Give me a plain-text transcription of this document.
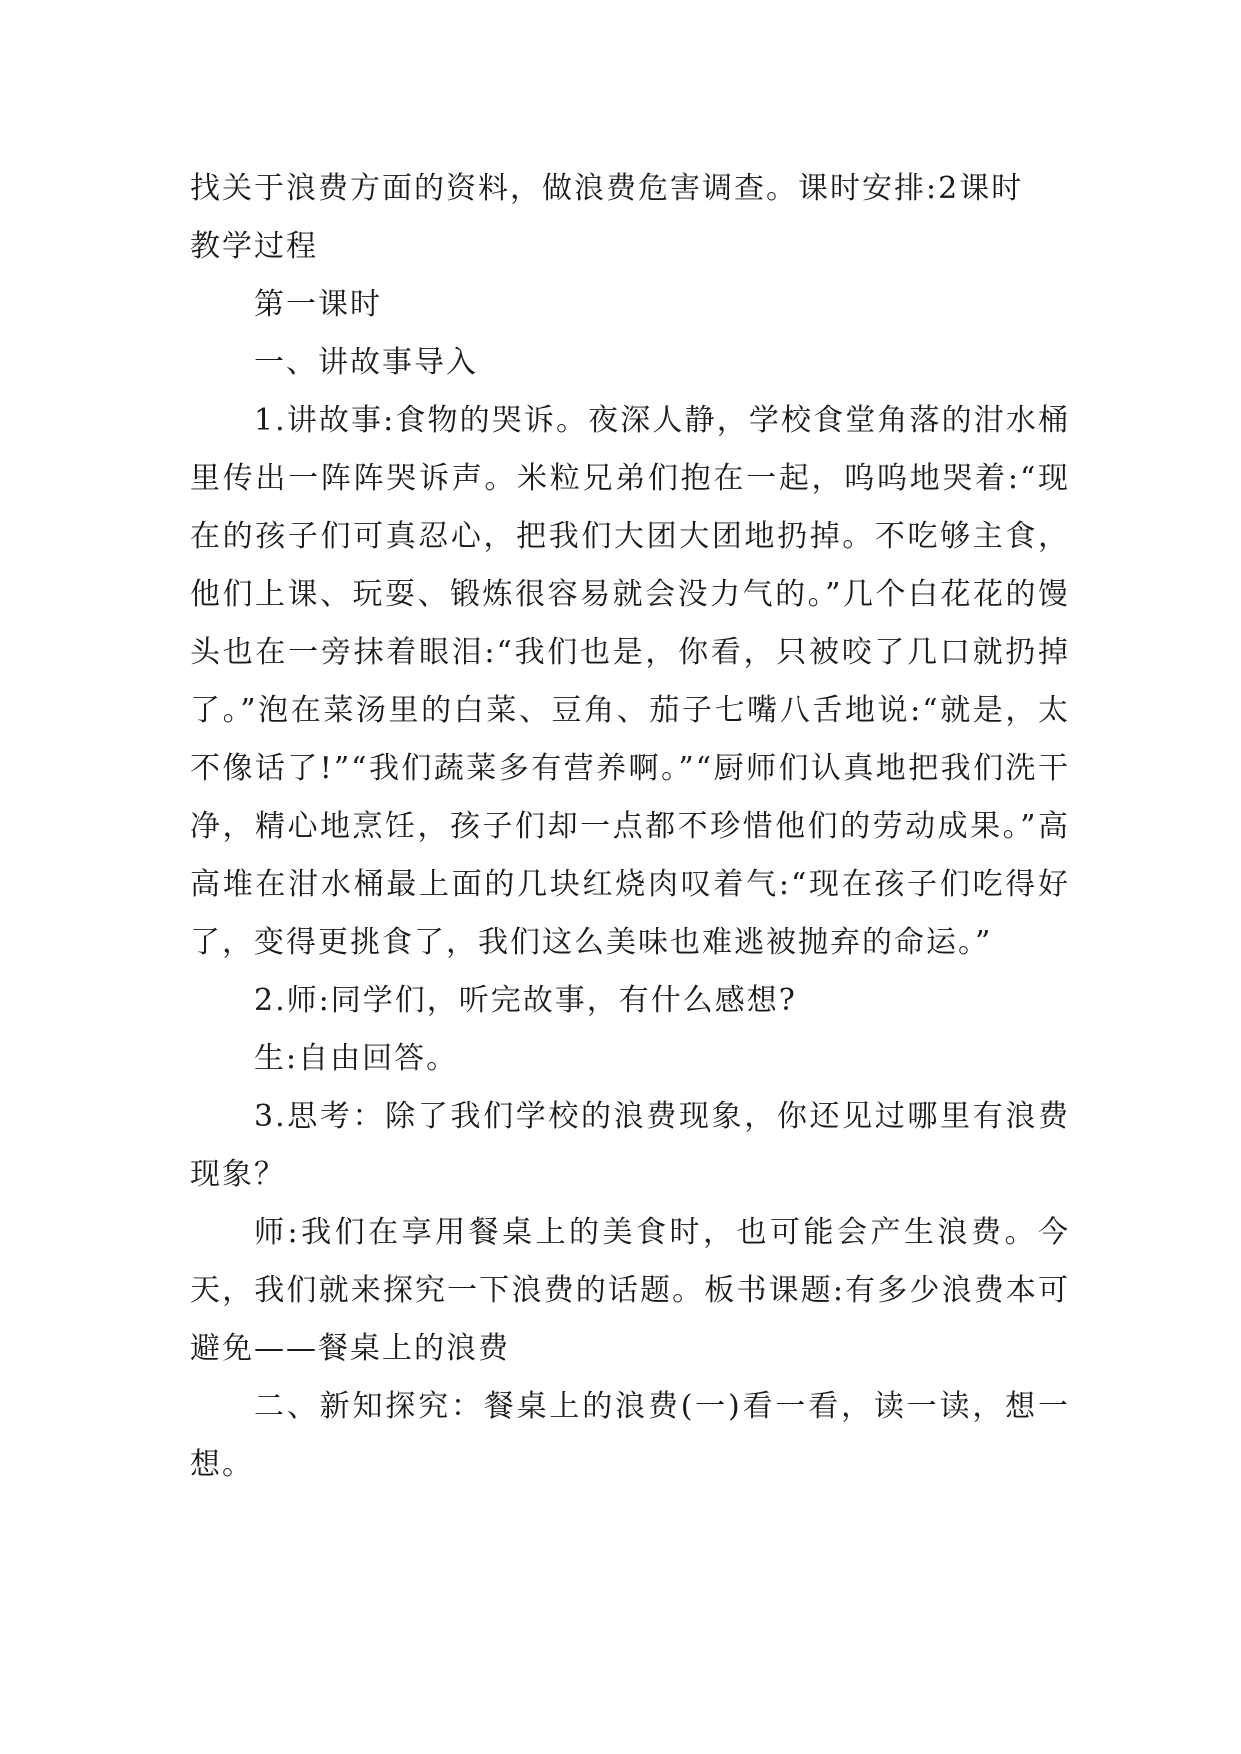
找关于浪费方面的资料，做浪费危害调查。课时安排:2课时

教学过程

第一课时

一、讲故事导入

1.讲故事:食物的哭诉。夜深人静，学校食堂角落的泔水桶里传出一阵阵哭诉声。米粒兄弟们抱在一起，呜呜地哭着:“现在的孩子们可真忍心，把我们大团大团地扔掉。不吃够主食，他们上课、玩耍、锻炼很容易就会没力气的。”几个白花花的馒头也在一旁抹着眼泪:“我们也是，你看，只被咬了几口就扔掉了。”泡在菜汤里的白菜、豆角、茄子七嘴八舌地说:“就是，太不像话了!”“我们蔬菜多有营养啊。”“厨师们认真地把我们洗干净，精心地烹饪，孩子们却一点都不珍惜他们的劳动成果。”高高堆在泔水桶最上面的几块红烧肉叹着气:“现在孩子们吃得好了，变得更挑食了，我们这么美味也难逃被抛弃的命运。”

2.师:同学们，听完故事，有什么感想?

生:自由回答。

3.思考：除了我们学校的浪费现象，你还见过哪里有浪费现象？

师:我们在享用餐桌上的美食时，也可能会产生浪费。今天，我们就来探究一下浪费的话题。板书课题:有多少浪费本可避免——餐桌上的浪费

二、新知探究：餐桌上的浪费(一)看一看，读一读，想一想。
